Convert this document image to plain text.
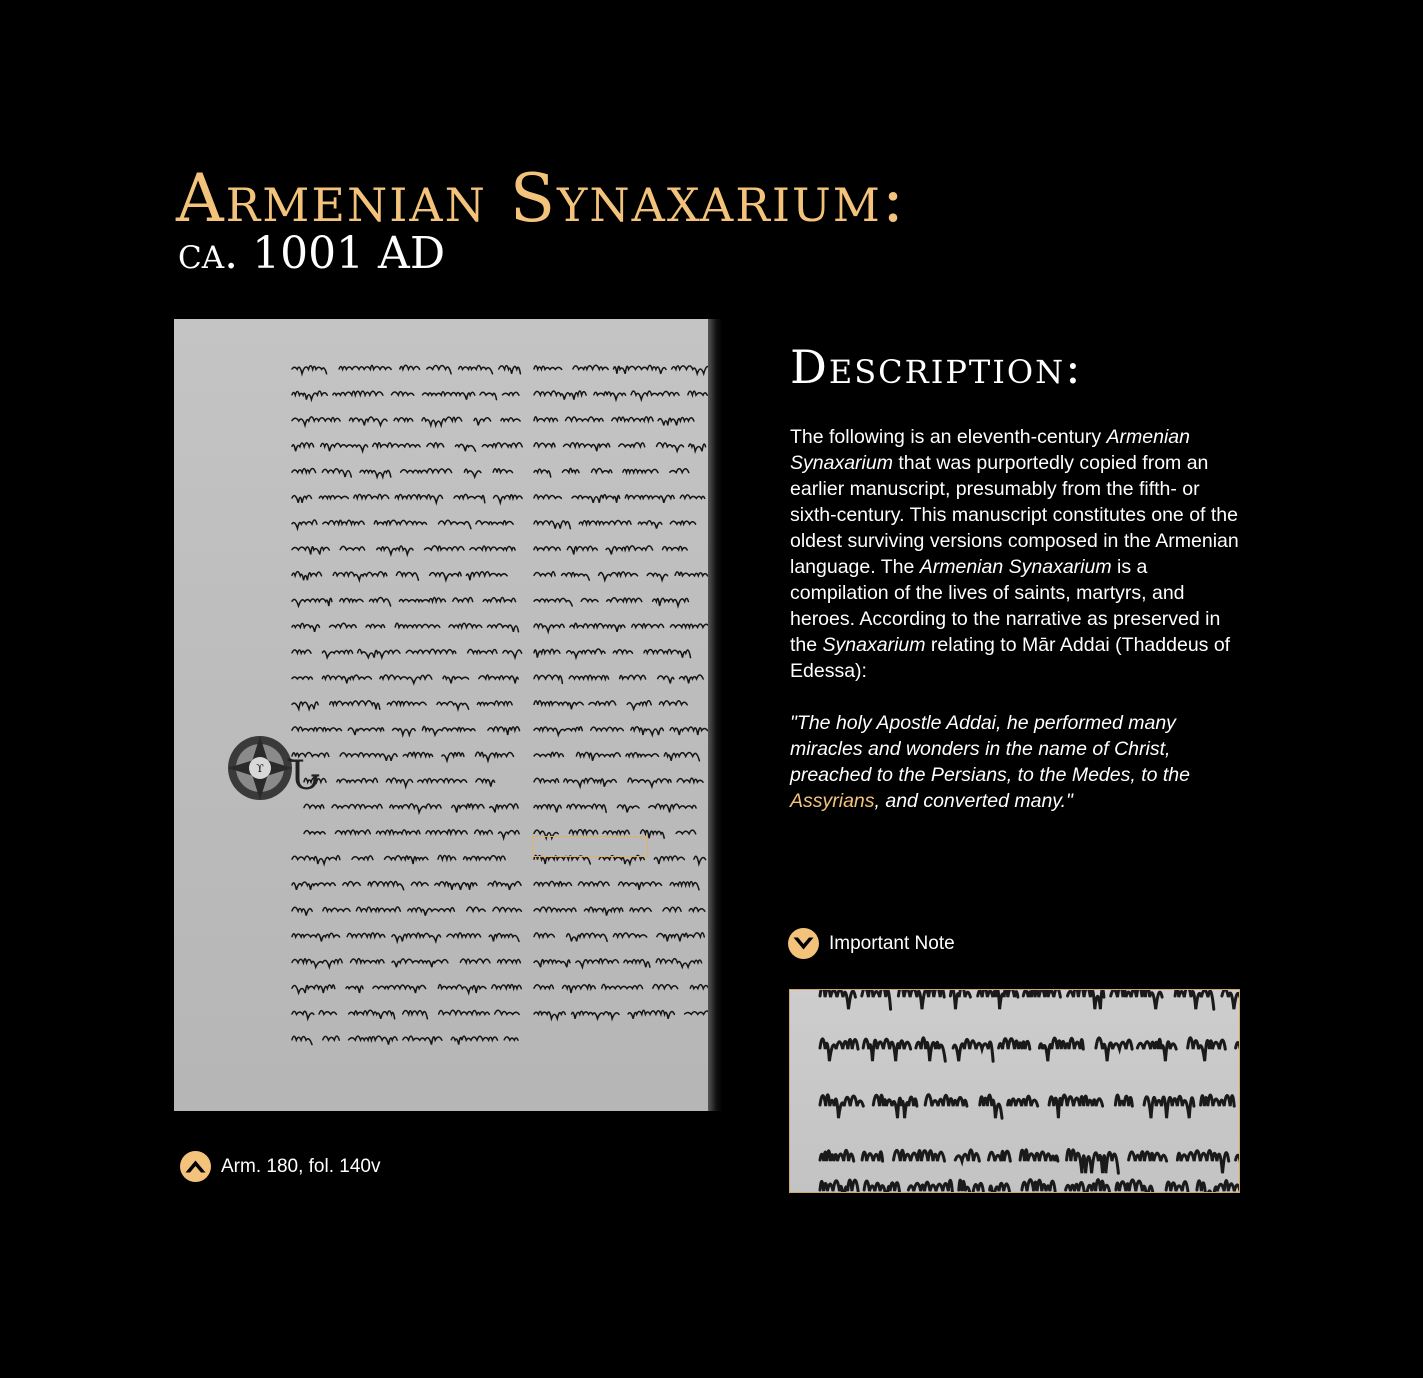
Armenian Synaxarium:
ca. 1001 AD
ϒ Ն
Arm. 180, fol. 140v
Description:

The following is an eleventh-century Armenian Synaxarium that was purportedly copied from an earlier manuscript, presumably from the fifth- or sixth-century. This manuscript constitutes one of the oldest surviving versions composed in the Armenian language. The Armenian Synaxarium is a compilation of the lives of saints, martyrs, and heroes. According to the narrative as preserved in the Synaxarium relating to Mār Addai (Thaddeus of Edessa):

"The holy Apostle Addai, he performed many miracles and wonders in the name of Christ, preached to the Persians, to the Medes, to the Assyrians, and converted many."

Important Note
